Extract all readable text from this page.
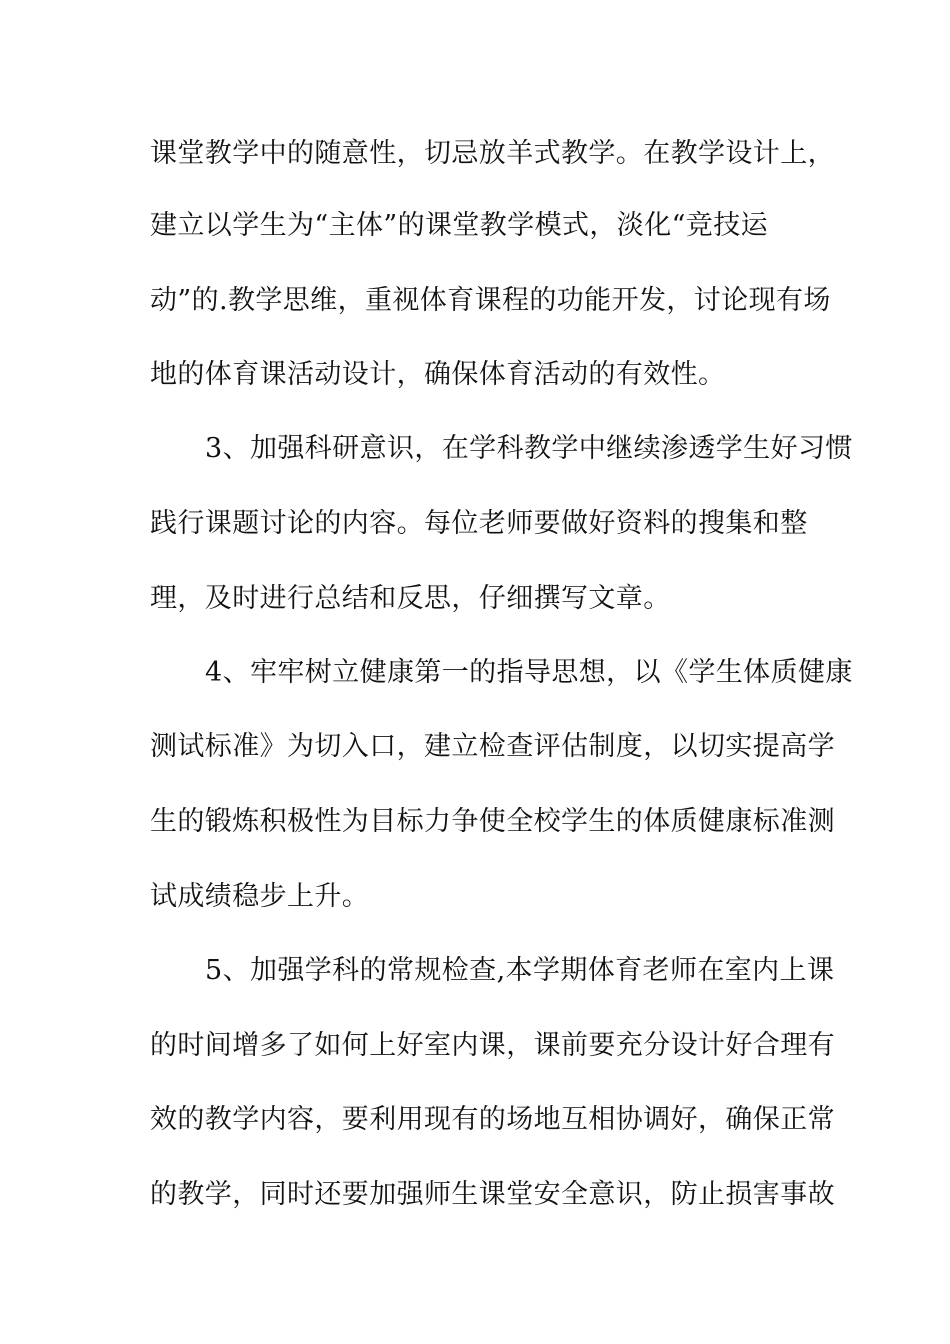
课堂教学中的随意性，切忌放羊式教学。在教学设计上，
建立以学生为“主体”的课堂教学模式，淡化“竞技运
动”的.教学思维，重视体育课程的功能开发，讨论现有场
地的体育课活动设计，确保体育活动的有效性。
3、加强科研意识，在学科教学中继续渗透学生好习惯
践行课题讨论的内容。每位老师要做好资料的搜集和整
理，及时进行总结和反思，仔细撰写文章。
4、牢牢树立健康第一的指导思想，以《学生体质健康
测试标准》为切入口，建立检查评估制度，以切实提高学
生的锻炼积极性为目标力争使全校学生的体质健康标准测
试成绩稳步上升。
5、加强学科的常规检查,本学期体育老师在室内上课
的时间增多了如何上好室内课，课前要充分设计好合理有
效的教学内容，要利用现有的场地互相协调好，确保正常
的教学，同时还要加强师生课堂安全意识，防止损害事故
